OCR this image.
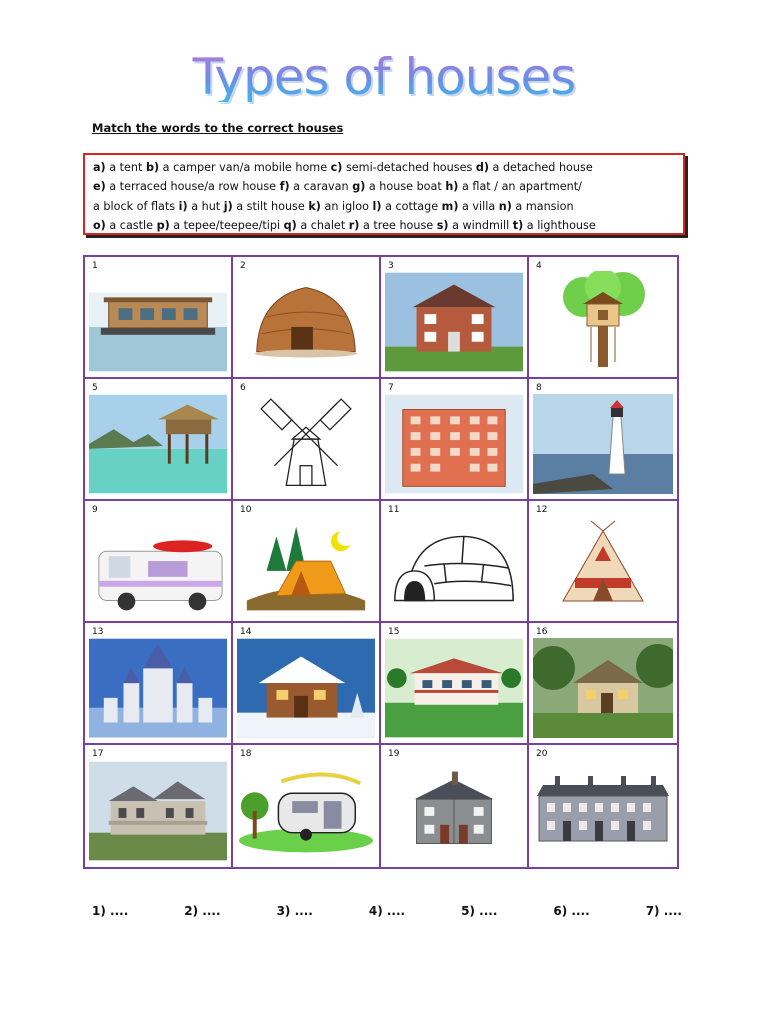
Types of houses
Match the words to the correct houses
a) a tent b) a camper van/a mobile home c) semi-detached houses d) a detached house
e) a terraced house/a row house f) a caravan g) a house boat h) a flat / an apartment/
a block of flats i) a hut j) a stilt house k) an igloo l) a cottage m) a villa n) a mansion
o) a castle p) a tepee/teepee/tipi q) a chalet r) a tree house s) a windmill t) a lighthouse
1	2	3	4
5	6	7	8
9	10	11	12
13	14	15	16
17	18	19	20
1) ....	2) ....	3) ....	4) ....	5) ....	6) ....	7) ....
